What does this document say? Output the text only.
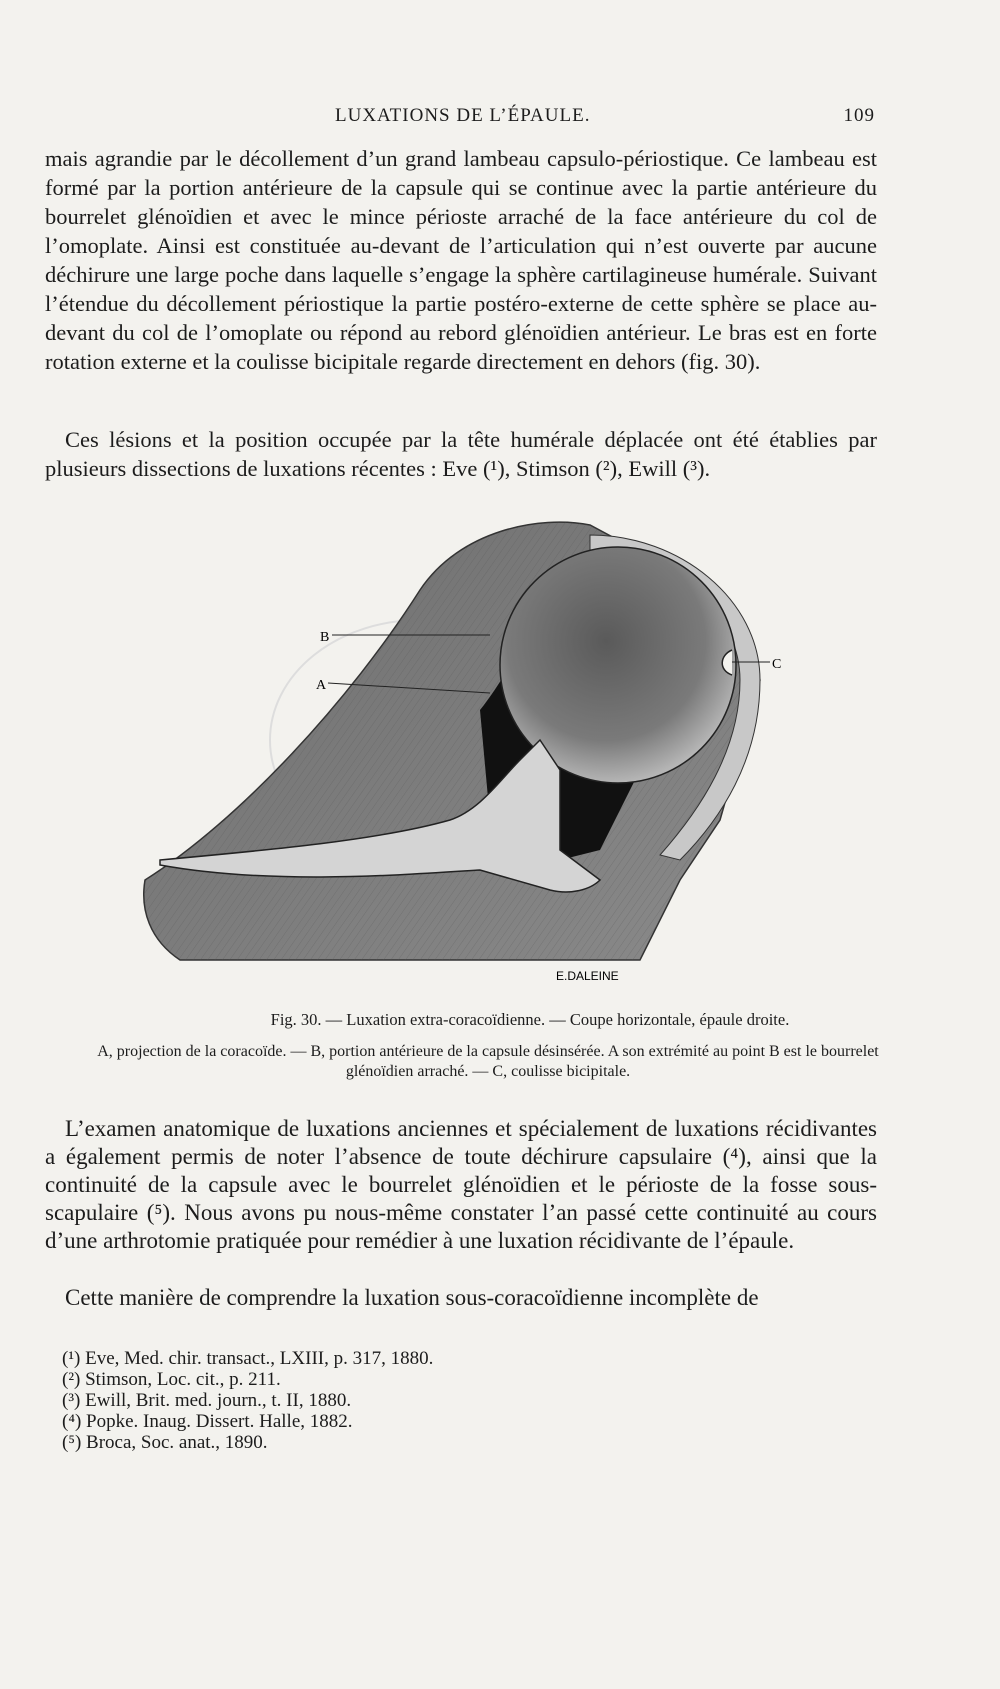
LUXATIONS DE L’ÉPAULE.	109

mais agrandie par le décollement d’un grand lambeau capsulo-périostique. Ce lambeau est formé par la portion antérieure de la capsule qui se continue avec la partie antérieure du bourrelet glénoïdien et avec le mince périoste arraché de la face antérieure du col de l’omoplate. Ainsi est constituée au-devant de l’articulation qui n’est ouverte par aucune déchirure une large poche dans laquelle s’engage la sphère cartilagineuse humérale. Suivant l’étendue du décollement périostique la partie postéro-externe de cette sphère se place au-devant du col de l’omoplate ou répond au rebord glénoïdien antérieur. Le bras est en forte rotation externe et la coulisse bicipitale regarde directement en dehors (fig. 30).

Ces lésions et la position occupée par la tête humérale déplacée ont été établies par plusieurs dissections de luxations récentes : Eve (¹), Stimson (²), Ewill (³).

B
A
C
E.DALEINE

Fig. 30. — Luxation extra-coracoïdienne. — Coupe horizontale, épaule droite.

A, projection de la coracoïde. — B, portion antérieure de la capsule désinsérée. A son extrémité au point B est le bourrelet glénoïdien arraché. — C, coulisse bicipitale.

L’examen anatomique de luxations anciennes et spécialement de luxations récidivantes a également permis de noter l’absence de toute déchirure capsulaire (⁴), ainsi que la continuité de la capsule avec le bourrelet glénoïdien et le périoste de la fosse sous-scapulaire (⁵). Nous avons pu nous-même constater l’an passé cette continuité au cours d’une arthrotomie pratiquée pour remédier à une luxation récidivante de l’épaule.

Cette manière de comprendre la luxation sous-coracoïdienne incomplète de

(¹) Eve, Med. chir. transact., LXIII, p. 317, 1880.
(²) Stimson, Loc. cit., p. 211.
(³) Ewill, Brit. med. journ., t. II, 1880.
(⁴) Popke. Inaug. Dissert. Halle, 1882.
(⁵) Broca, Soc. anat., 1890.
